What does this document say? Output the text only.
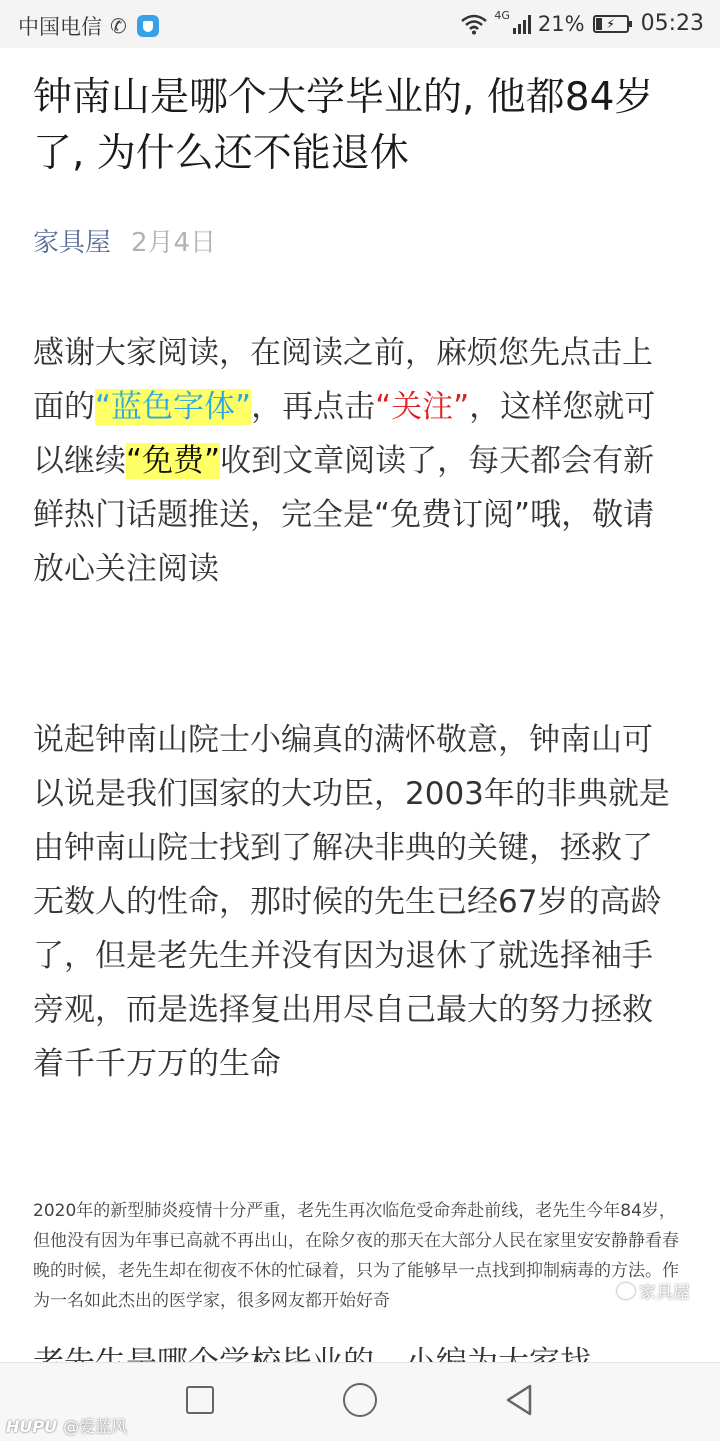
中国电信 ✆	4G 21% ⚡ 05:23
钟南山是哪个大学毕业的, 他都84岁了, 为什么还不能退休
家具屋 2月4日

感谢大家阅读，在阅读之前，麻烦您先点击上面的“蓝色字体”，再点击“关注”，这样您就可以继续“免费”收到文章阅读了，每天都会有新鲜热门话题推送，完全是“免费订阅”哦，敬请放心关注阅读

说起钟南山院士小编真的满怀敬意，钟南山可以说是我们国家的大功臣，2003年的非典就是由钟南山院士找到了解决非典的关键，拯救了无数人的性命，那时候的先生已经67岁的高龄了，但是老先生并没有因为退休了就选择袖手旁观，而是选择复出用尽自己最大的努力拯救着千千万万的生命

2020年的新型肺炎疫情十分严重，老先生再次临危受命奔赴前线，老先生今年84岁，但他没有因为年事已高就不再出山，在除夕夜的那天在大部分人民在家里安安静静看春晚的时候，老先生却在彻夜不休的忙碌着，只为了能够早一点找到抑制病毒的方法。作为一名如此杰出的医学家，很多网友都开始好奇	家具屋
HUPU @爱蓝风
